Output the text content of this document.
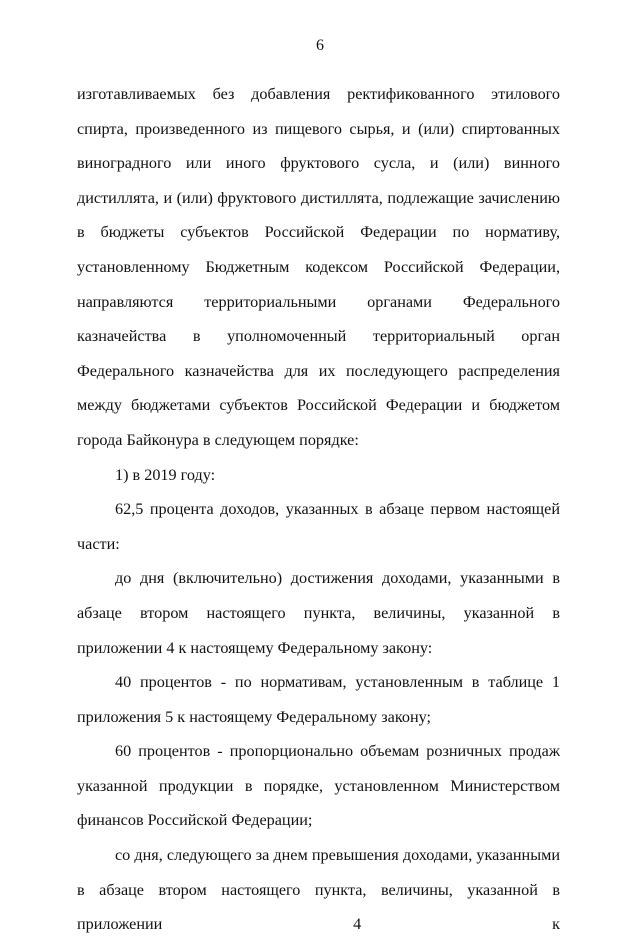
6

изготавливаемых без добавления ректификованного этилового спирта, произведенного из пищевого сырья, и (или) спиртованных виноградного или иного фруктового сусла, и (или) винного дистиллята, и (или) фруктового дистиллята, подлежащие зачислению в бюджеты субъектов Российской Федерации по нормативу, установленному Бюджетным кодексом Российской Федерации, направляются территориальными органами Федерального казначейства в уполномоченный территориальный орган Федерального казначейства для их последующего распределения между бюджетами субъектов Российской Федерации и бюджетом города Байконура в следующем порядке:

1) в 2019 году:

62,5 процента доходов, указанных в абзаце первом настоящей части:

до дня (включительно) достижения доходами, указанными в абзаце втором настоящего пункта, величины, указанной в приложении 4 к настоящему Федеральному закону:

40 процентов - по нормативам, установленным в таблице 1 приложения 5 к настоящему Федеральному закону;

60 процентов - пропорционально объемам розничных продаж указанной продукции в порядке, установленном Министерством финансов Российской Федерации;

со дня, следующего за днем превышения доходами, указанными в абзаце втором настоящего пункта, величины, указанной в приложении 4 к
